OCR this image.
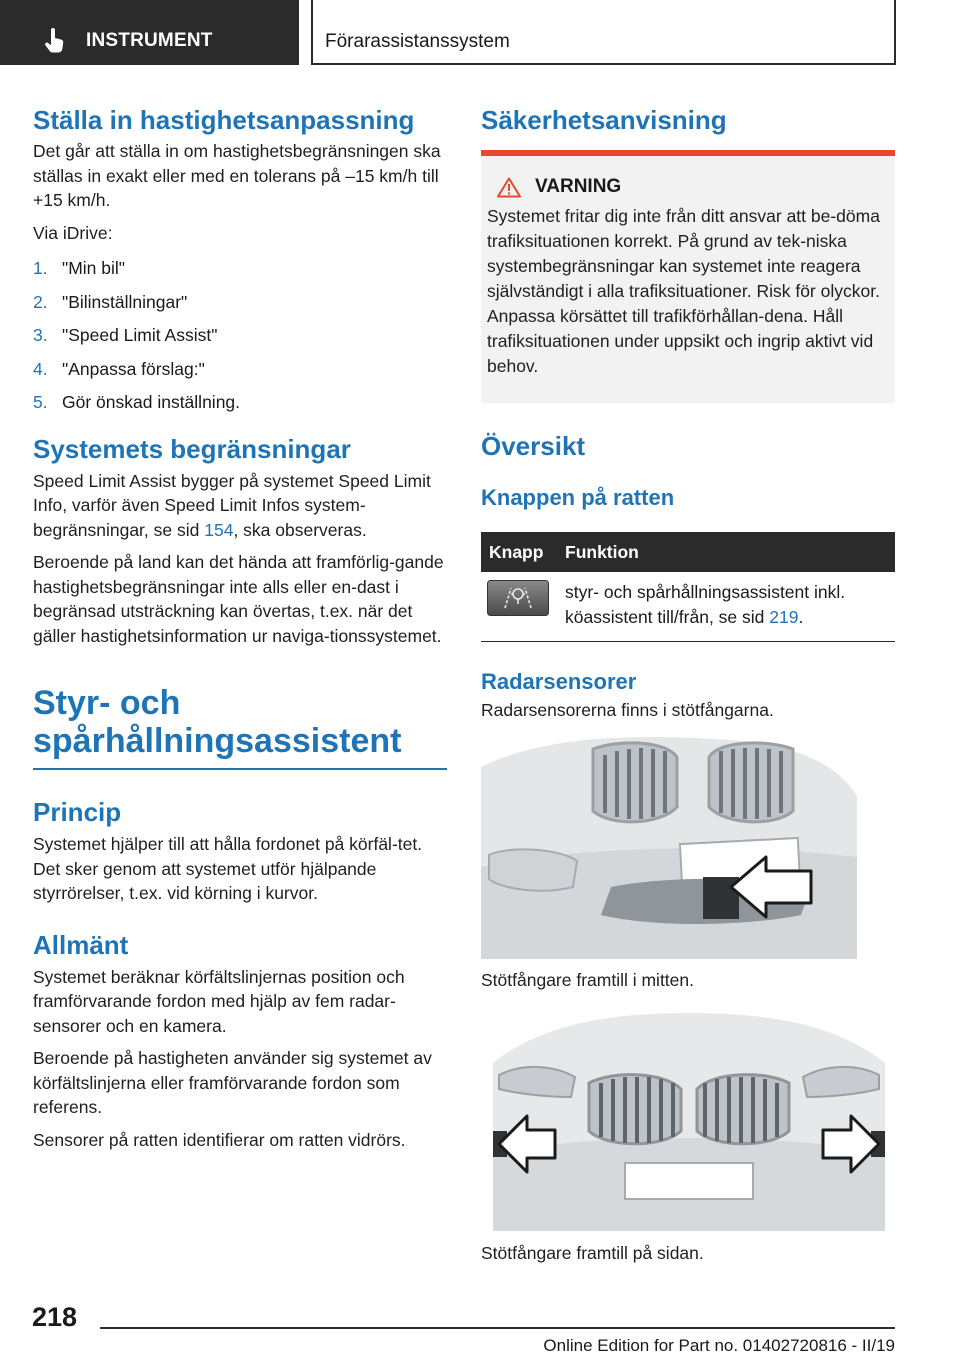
INSTRUMENT	Förarassistanssystem
Ställa in hastighetsanpassning

Det går att ställa in om hastighetsbegränsningen ska ställas in exakt eller med en tolerans på –15 km/h till +15 km/h.

Via iDrive:

1. "Min bil"
2. "Bilinställningar"
3. "Speed Limit Assist"
4. "Anpassa förslag:"
5. Gör önskad inställning.
Systemets begränsningar

Speed Limit Assist bygger på systemet Speed Limit Info, varför även Speed Limit Infos system-begränsningar, se sid 154, ska observeras.

Beroende på land kan det hända att framförlig-gande hastighetsbegränsningar inte alls eller en-dast i begränsad utsträckning kan övertas, t.ex. när det gäller hastighetsinformation ur naviga-tionssystemet.

Styr- och
spårhållningsassistent
Princip

Systemet hjälper till att hålla fordonet på körfäl-tet. Det sker genom att systemet utför hjälpande styrrörelser, t.ex. vid körning i kurvor.

Allmänt

Systemet beräknar körfältslinjernas position och framförvarande fordon med hjälp av fem radar-sensorer och en kamera.

Beroende på hastigheten använder sig systemet av körfältslinjerna eller framförvarande fordon som referens.

Sensorer på ratten identifierar om ratten vidrörs.

Säkerhetsanvisning
VARNING

Systemet fritar dig inte från ditt ansvar att be-döma trafiksituationen korrekt. På grund av tek-niska systembegränsningar kan systemet inte reagera självständigt i alla trafiksituationer. Risk för olyckor. Anpassa körsättet till trafikförhållan-dena. Håll trafiksituationen under uppsikt och ingrip aktivt vid behov.

Översikt
Knappen på ratten
Knapp	Funktion
	styr- och spårhållningsassistent inkl. köassistent till/från, se sid 219.
Radarsensorer

Radarsensorerna finns i stötfångarna.

Stötfångare framtill i mitten.

Stötfångare framtill på sidan.

218
Online Edition for Part no. 01402720816 - II/19
